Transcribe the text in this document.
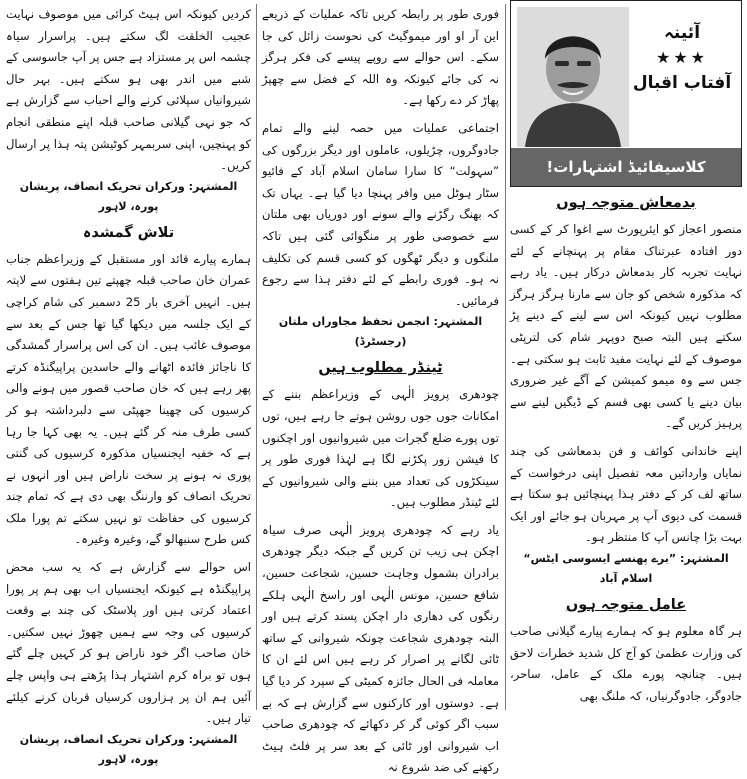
کردیں کیونکہ اس ہیٹ کرائی میں موصوف نہایت عجیب الخلقت لگ سکتے ہیں۔ پراسرار سیاہ چشمہ اس پر مستزاد ہے جس پر آپ جاسوسی کے شبے میں اندر بھی ہو سکتے ہیں۔ بہر حال شیروانیاں سپلائی کرنے والے احباب سے گزارش ہے کہ جو نہی گیلانی صاحب قبلہ اپنے منطقی انجام کو پہنچیں، اپنی سربمہر کوٹیشن پتہ ہذا پر ارسال کریں۔

المشتہر: ورکران تحریک انصاف، پریشان پورہ، لاہور
تلاش گمشدہ

ہمارے پیارے قائد اور مستقبل کے وزیراعظم جناب عمران خان صاحب قبلہ چھپتے تین ہفتوں سے لاپتہ ہیں۔ انہیں آخری بار 25 دسمبر کی شام کراچی کے ایک جلسہ میں دیکھا گیا تھا جس کے بعد سے موصوف غائب ہیں۔ ان کی اس پراسرار گمشدگی کا ناجائز فائدہ اٹھانے والے حاسدین پراپیگنڈہ کرتے پھر رہے ہیں کہ خان صاحب قصور میں ہونے والی کرسیوں کی چھینا جھپٹی سے دلبرداشتہ ہو کر کسی طرف منہ کر گئے ہیں۔ یہ بھی کہا جا رہا ہے کہ خفیہ ایجنسیاں مذکورہ کرسیوں کی گنتی پوری نہ ہونے پر سخت ناراض ہیں اور انہوں نے تحریک انصاف کو وارننگ بھی دی ہے کہ تمام چند کرسیوں کی حفاظت تو نہیں سکتے تم پورا ملک کس طرح سنبھالو گے، وغیرہ وغیرہ۔

اس حوالے سے گزارش ہے کہ یہ سب محض پراپیگنڈہ ہے کیونکہ ایجنسیاں اب بھی ہم پر پورا اعتماد کرتی ہیں اور پلاسٹک کی چند بے وقعت کرسیوں کی وجہ سے ہمیں چھوڑ نہیں سکتیں۔ خان صاحب اگر خود ناراض ہو کر کہیں چلے گئے ہوں تو براہ کرم اشتہار ہذا پڑھتے ہی واپس چلے آئیں ہم ان پر ہزاروں کرسیاں قربان کرنے کیلئے تیار ہیں۔

المشتہر: ورکران تحریک انصاف، پریشان پورہ، لاہور

فوری طور پر رابطہ کریں تاکہ عملیات کے ذریعے این آر او اور میموگیٹ کی نحوست زائل کی جا سکے۔ اس حوالے سے روپے پیسے کی فکر ہرگز نہ کی جائے کیونکہ وہ اللہ کے فضل سے چھپڑ پھاڑ کر دے رکھا ہے۔

اجتماعی عملیات میں حصہ لینے والے تمام جادوگروں، چڑیلوں، عاملوں اور دیگر بزرگوں کی ”سہولت“ کا سارا سامان اسلام آباد کے فائیو سٹار ہوٹل میں وافر پہنچا دیا گیا ہے۔ یہاں تک کہ بھنگ رگڑنے والے سونے اور دوریاں بھی ملتان سے خصوصی طور پر منگوائی گئی ہیں تاکہ ملنگوں و دیگر ٹھگوں کو کسی قسم کی تکلیف نہ ہو۔ فوری رابطے کے لئے دفتر ہذا سے رجوع فرمائیں۔

المشتہر: انجمن تحفظ مجاوراں ملتان (رجسٹرڈ)
ٹینڈر مطلوب ہیں

چودھری پرویز الٰہی کے وزیراعظم بننے کے امکانات جوں جوں روشن ہوتے جا رہے ہیں، توں توں پورے ضلع گجرات میں شیروانیوں اور اچکنوں کا فیشن زور پکڑنے لگا ہے لہٰذا فوری طور پر سینکڑوں کی تعداد میں بننے والی شیروانیوں کے لئے ٹینڈر مطلوب ہیں۔

یاد رہے کہ چودھری پرویز الٰہی صرف سیاہ اچکن ہی زیب تن کریں گے جبکہ دیگر چودھری برادران بشمول وجاہت حسین، شجاعت حسین، شافع حسین، مونس الٰہی اور راسخ الٰہی ہلکے رنگوں کی دھاری دار اچکن پسند کرتے ہیں اور البتہ چودھری شجاعت چونکہ شیروانی کے ساتھ ٹائی لگانے پر اصرار کر رہے ہیں اس لئے ان کا معاملہ فی الحال جائزہ کمیٹی کے سپرد کر دیا گیا ہے۔ دوستوں اور کارکنوں سے گزارش ہے کہ بے سبب اگر کوئی گر کر دکھائے کہ چودھری صاحب اب شیروانی اور ٹائی کے بعد سر پر فلٹ ہیٹ رکھنے کی ضد شروع نہ

آئینہ
★★★
آفتاب اقبال
کلاسیفائیڈ اشتہارات!
بدمعاش متوجہ ہوں

منصور اعجاز کو ایئرپورٹ سے اغوا کر کے کسی دور افتادہ عبرتناک مقام پر پہنچانے کے لئے نہایت تجربہ کار بدمعاش درکار ہیں۔ یاد رہے کہ مذکورہ شخص کو جان سے مارنا ہرگز ہرگز مطلوب نہیں کیونکہ اس سے لینے کے دینے پڑ سکتے ہیں البتہ صبح دوپہر شام کی لترپٹی موصوف کے لئے نہایت مفید ثابت ہو سکتی ہے۔ جس سے وہ میمو کمیشن کے آگے غیر ضروری بیان دینے یا کسی بھی قسم کے ڈیگیں لینے سے پرہیز کریں گے۔

اپنے خاندانی کوائف و فن بدمعاشی کی چند نمایاں وارداتیں معہ تفصیل اپنی درخواست کے ساتھ لف کر کے دفتر ہذا پہنچائیں ہو سکتا ہے قسمت کی دیوی آپ پر مہربان ہو جائے اور ایک بہت بڑا چانس آپ کا منتظر ہو۔

المشتہر: ”برے پھنسے ایسوسی ایٹس“ اسلام آباد
عامل متوجہ ہوں

ہر گاہ معلوم ہو کہ ہمارے پیارے گیلانی صاحب کی وزارت عظمیٰ کو آج کل شدید خطرات لاحق ہیں۔ چنانچہ پورے ملک کے عامل، ساحر، جادوگر، جادوگرنیاں، کہ ملنگ بھی
